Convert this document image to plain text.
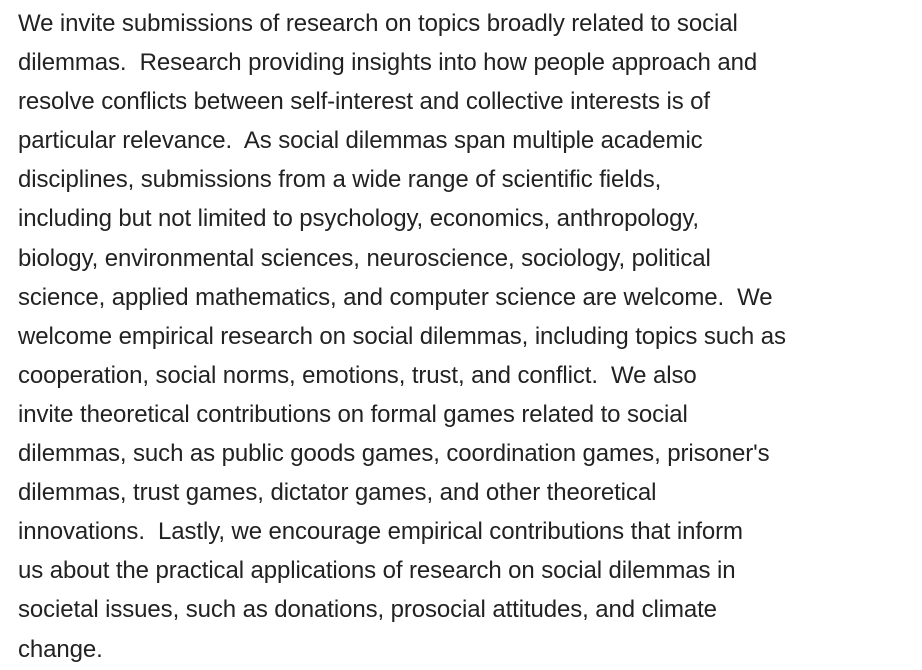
We invite submissions of research on topics broadly related to social
dilemmas.  Research providing insights into how people approach and
resolve conflicts between self-interest and collective interests is of
particular relevance.  As social dilemmas span multiple academic
disciplines, submissions from a wide range of scientific fields,
including but not limited to psychology, economics, anthropology,
biology, environmental sciences, neuroscience, sociology, political
science, applied mathematics, and computer science are welcome.  We
welcome empirical research on social dilemmas, including topics such as
cooperation, social norms, emotions, trust, and conflict.  We also
invite theoretical contributions on formal games related to social
dilemmas, such as public goods games, coordination games, prisoner's
dilemmas, trust games, dictator games, and other theoretical
innovations.  Lastly, we encourage empirical contributions that inform
us about the practical applications of research on social dilemmas in
societal issues, such as donations, prosocial attitudes, and climate
change.
